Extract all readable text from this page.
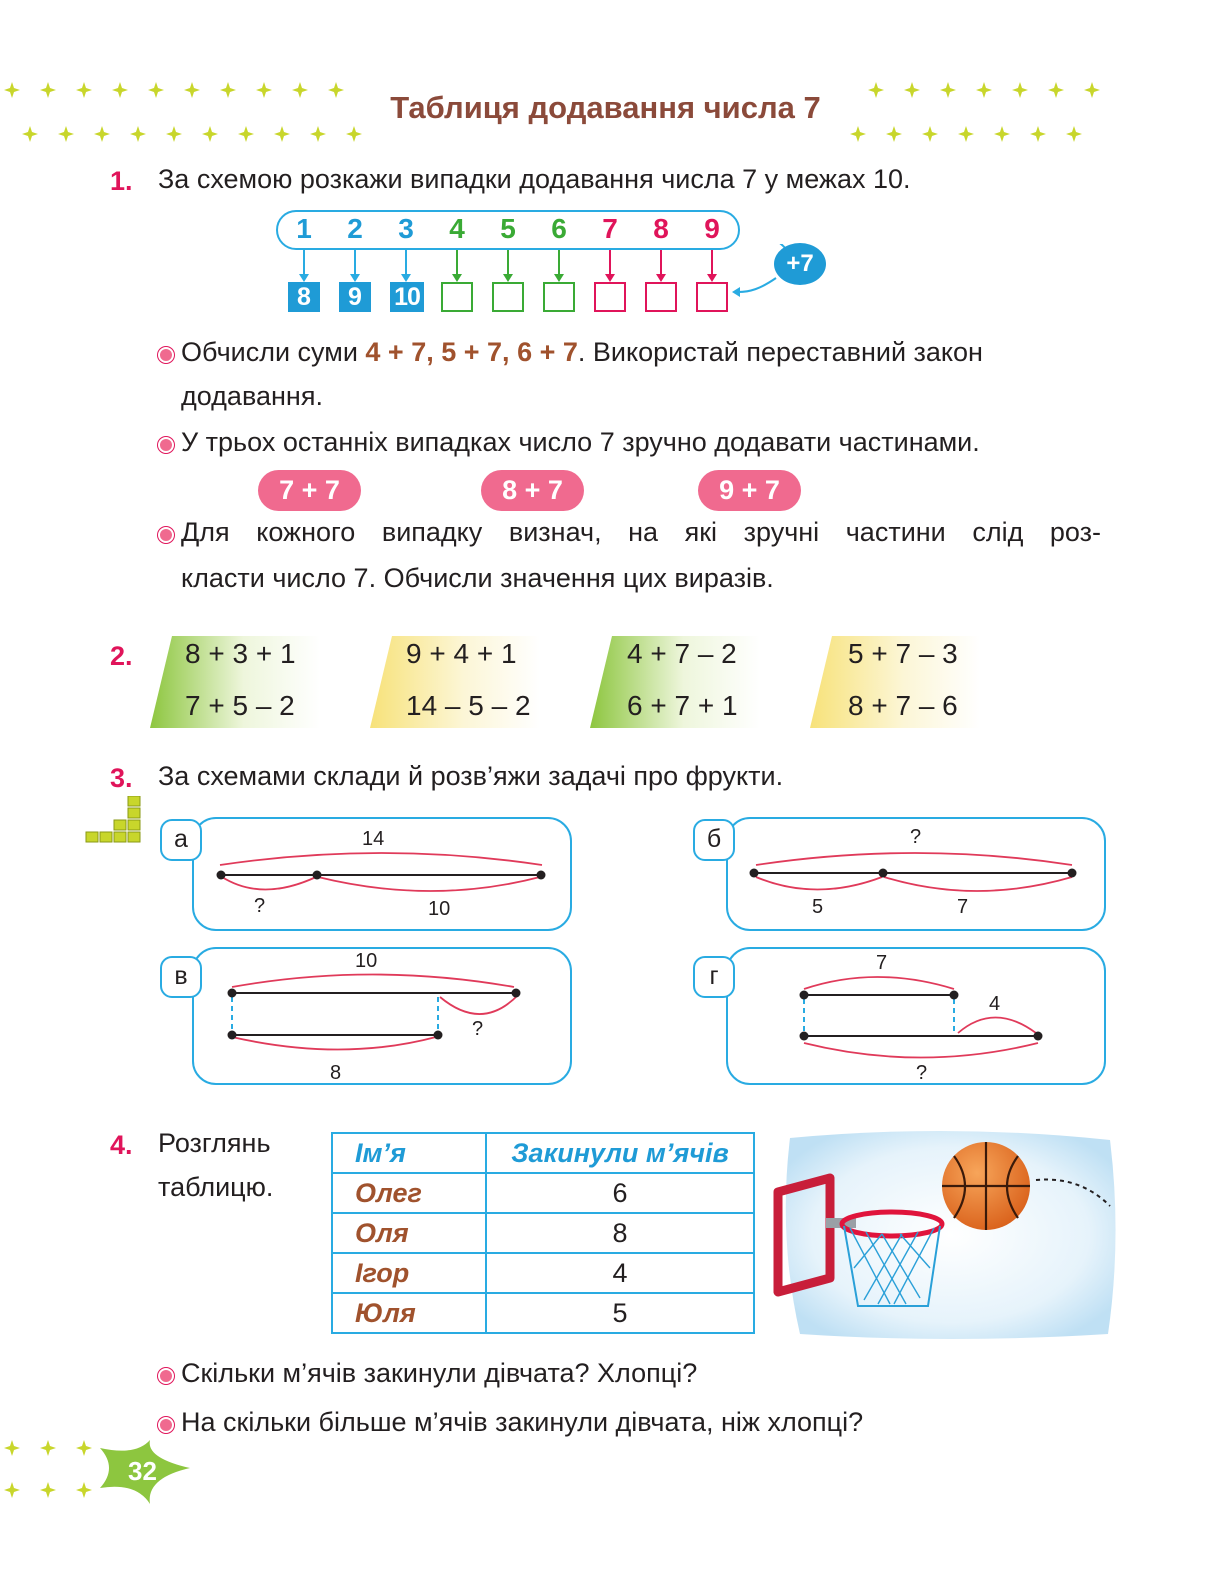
Таблиця додавання числа 7
1. За схемою розкажи випадки додавання числа 7 у межах 10.
1	2	3	4	5	6	7	8	9
+7
8	9	10
Обчисли суми 4 + 7, 5 + 7, 6 + 7. Використай переставний закон
додавання.
У трьох останніх випадках число 7 зручно додавати частинами.
7 + 7	8 + 7	9 + 7
Для кожного випадку визнач, на які зручні частини слід роз-
класти число 7. Обчисли значення цих виразів.
2. 8 + 3 + 1
7 + 5 – 2
9 + 4 + 1
14 – 5 – 2
4 + 7 – 2
6 + 7 + 1
5 + 7 – 3
8 + 7 – 6
3. За схемами склади й розв’яжи задачі про фрукти.
а	14
?	10
б	?
5	7
в
10
?
8
г	7
4
?
4. Розглянь
таблицю.
Ім’я	Закинули м’ячів
Олег	6
Оля	8
Ігор	4
Юля	5
Скільки м’ячів закинули дівчата? Хлопці?
На скільки більше м’ячів закинули дівчата, ніж хлопці?
32
